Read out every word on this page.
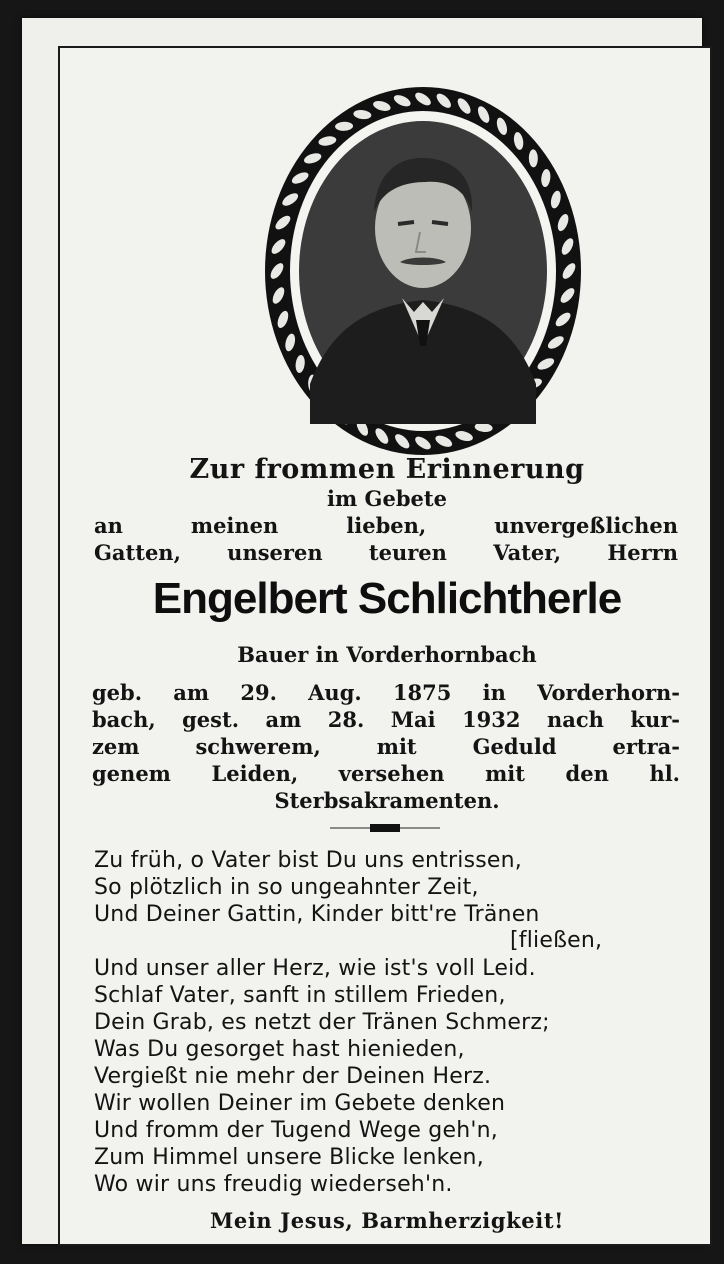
Zur frommen Erinnerung
im Gebete
an meinen lieben, unvergeßlichen
Gatten, unseren teuren Vater, Herrn
Engelbert Schlichtherle
Bauer in Vorderhornbach
geb. am 29. Aug. 1875 in Vorderhorn-
bach, gest. am 28. Mai 1932 nach kur-
zem schwerem, mit Geduld ertra-
genem Leiden, versehen mit den hl.
Sterbsakramenten.
Zu früh, o Vater bist Du uns entrissen,
So plötzlich in so ungeahnter Zeit,
Und Deiner Gattin, Kinder bitt're Tränen
[fließen,
Und unser aller Herz, wie ist's voll Leid.
Schlaf Vater, sanft in stillem Frieden,
Dein Grab, es netzt der Tränen Schmerz;
Was Du gesorget hast hienieden,
Vergießt nie mehr der Deinen Herz.
Wir wollen Deiner im Gebete denken
Und fromm der Tugend Wege geh'n,
Zum Himmel unsere Blicke lenken,
Wo wir uns freudig wiederseh'n.
Mein Jesus, Barmherzigkeit!
